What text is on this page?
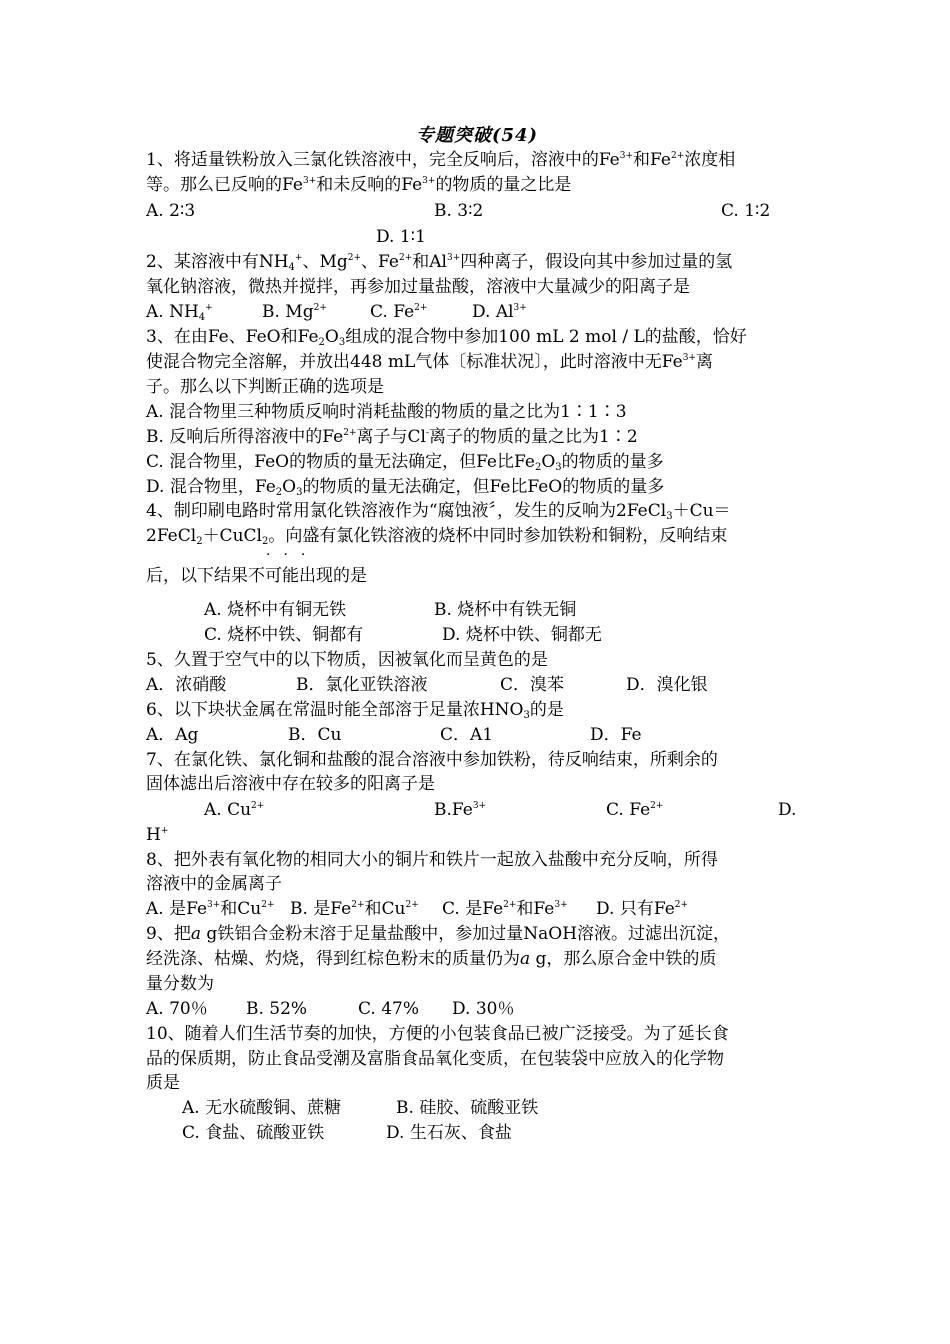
专题突破(54)
1、将适量铁粉放入三氯化铁溶液中，完全反响后，溶液中的$Fe^{3+}$和$Fe^{2+}$浓度相
等。那么已反响的$Fe^{3+}$和未反响的$Fe^{3+}$的物质的量之比是
A. 2∶3	B. 3∶2	C. 1∶2
D. 1∶1
2、某溶液中有$NH_4^+$、$Mg^{2+}$、$Fe^{2+}$和$Al^{3+}$四种离子，假设向其中参加过量的氢
氧化钠溶液，微热并搅拌，再参加过量盐酸，溶液中大量减少的阳离子是
A. $NH_4^+$	B. $Mg^{2+}$	C. $Fe^{2+}$	D. $Al^{3+}$
3、在由Fe、FeO和$Fe_2O_3$组成的混合物中参加100 mL 2 mol / L的盐酸，恰好
使混合物完全溶解，并放出448 mL气体〔标准状况〕，此时溶液中无$Fe^{3+}$离
子。那么以下判断正确的选项是
A. 混合物里三种物质反响时消耗盐酸的物质的量之比为1∶1∶3
B. 反响后所得溶液中的$Fe^{2+}$离子与Cl-离子的物质的量之比为1∶2
C. 混合物里，FeO的物质的量无法确定，但Fe比$Fe_2O_3$的物质的量多
D. 混合物里，$Fe_2O_3$的物质的量无法确定，但Fe比FeO的物质的量多
4、制印刷电路时常用氯化铁溶液作为“腐蚀液〞，发生的反响为2FeCl$_3$＋Cu＝
2FeCl$_2$＋CuCl$_2$。向盛有氯化铁溶液的烧杯中同时参加铁粉和铜粉，反响结束
···
后，以下结果不可能出现的是
A. 烧杯中有铜无铁	B. 烧杯中有铁无铜
C. 烧杯中铁、铜都有	D. 烧杯中铁、铜都无
5、久置于空气中的以下物质，因被氧化而呈黄色的是
A．浓硝酸	B．氯化亚铁溶液	C．溴苯	D．溴化银
6、以下块状金属在常温时能全部溶于足量浓$HNO_3$的是
A．Ag	B．Cu	C．A1	D．Fe
7、在氯化铁、氯化铜和盐酸的混合溶液中参加铁粉，待反响结束，所剩余的
固体滤出后溶液中存在较多的阳离子是
A. $Cu^{2+}$	$B.Fe^{3+}$	C. $Fe^{2+}$	D.
H+
8、把外表有氧化物的相同大小的铜片和铁片一起放入盐酸中充分反响，所得
溶液中的金属离子
A. 是$Fe^{3+}$和$Cu^{2+}$ B. 是$Fe^{2+}$和$Cu^{2+}$ C. 是$Fe^{2+}$和$Fe^{3+}$ D. 只有$Fe^{2+}$
9、把a g铁铝合金粉末溶于足量盐酸中，参加过量NaOH溶液。过滤出沉淀，
经洗涤、枯燥、灼烧，得到红棕色粉末的质量仍为a g，那么原合金中铁的质
量分数为
A. 70％ B. 52%	C. 47% D. 30％
10、随着人们生活节奏的加快，方便的小包装食品已被广泛接受。为了延长食
品的保质期，防止食品受潮及富脂食品氧化变质，在包装袋中应放入的化学物
质是
A. 无水硫酸铜、蔗糖	B. 硅胶、硫酸亚铁
C. 食盐、硫酸亚铁	D. 生石灰、食盐
